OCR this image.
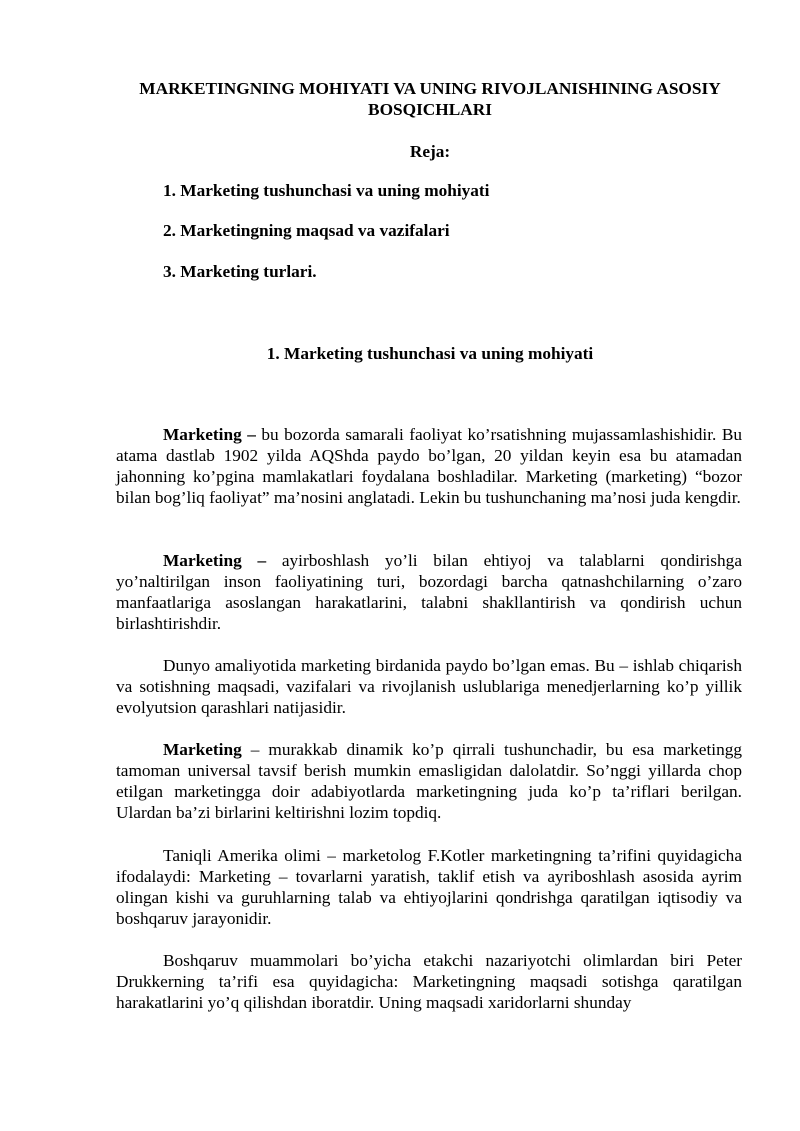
MARKETINGNING MOHIYATI VA UNING RIVOJLANISHINING ASOSIY BOSQICHLARI
Reja:
1. Marketing tushunchasi va uning mohiyati
2. Marketingning maqsad va vazifalari
3. Marketing turlari.
1. Marketing tushunchasi va uning mohiyati

Marketing – bu bozorda samarali faoliyat ko’rsatishning mujassamlashishidir. Bu atama dastlab 1902 yilda AQShda paydo bo’lgan, 20 yildan keyin esa bu atamadan jahonning ko’pgina mamlakatlari foydalana boshladilar. Marketing (marketing) “bozor bilan bog’liq faoliyat” ma’nosini anglatadi. Lekin bu tushunchaning ma’nosi juda kengdir.

Marketing – ayirboshlash yo’li bilan ehtiyoj va talablarni qondirishga yo’naltirilgan inson faoliyatining turi, bozordagi barcha qatnashchilarning o’zaro manfaatlariga asoslangan harakatlarini, talabni shakllantirish va qondirish uchun birlashtirishdir.

Dunyo amaliyotida marketing birdanida paydo bo’lgan emas. Bu – ishlab chiqarish va sotishning maqsadi, vazifalari va rivojlanish uslublariga menedjerlarning ko’p yillik evolyutsion qarashlari natijasidir.

Marketing – murakkab dinamik ko’p qirrali tushunchadir, bu esa marketingg tamoman universal tavsif berish mumkin emasligidan dalolatdir. So’nggi yillarda chop etilgan marketingga doir adabiyotlarda marketingning juda ko’p ta’riflari berilgan. Ulardan ba’zi birlarini keltirishni lozim topdiq.

Taniqli Amerika olimi – marketolog F.Kotler marketingning ta’rifini quyidagicha ifodalaydi: Marketing – tovarlarni yaratish, taklif etish va ayriboshlash asosida ayrim olingan kishi va guruhlarning talab va ehtiyojlarini qondrishga qaratilgan iqtisodiy va boshqaruv jarayonidir.

Boshqaruv muammolari bo’yicha etakchi nazariyotchi olimlardan biri Peter Drukkerning ta’rifi esa quyidagicha: Marketingning maqsadi sotishga qaratilgan harakatlarini yo’q qilishdan iboratdir. Uning maqsadi xaridorlarni shunday
